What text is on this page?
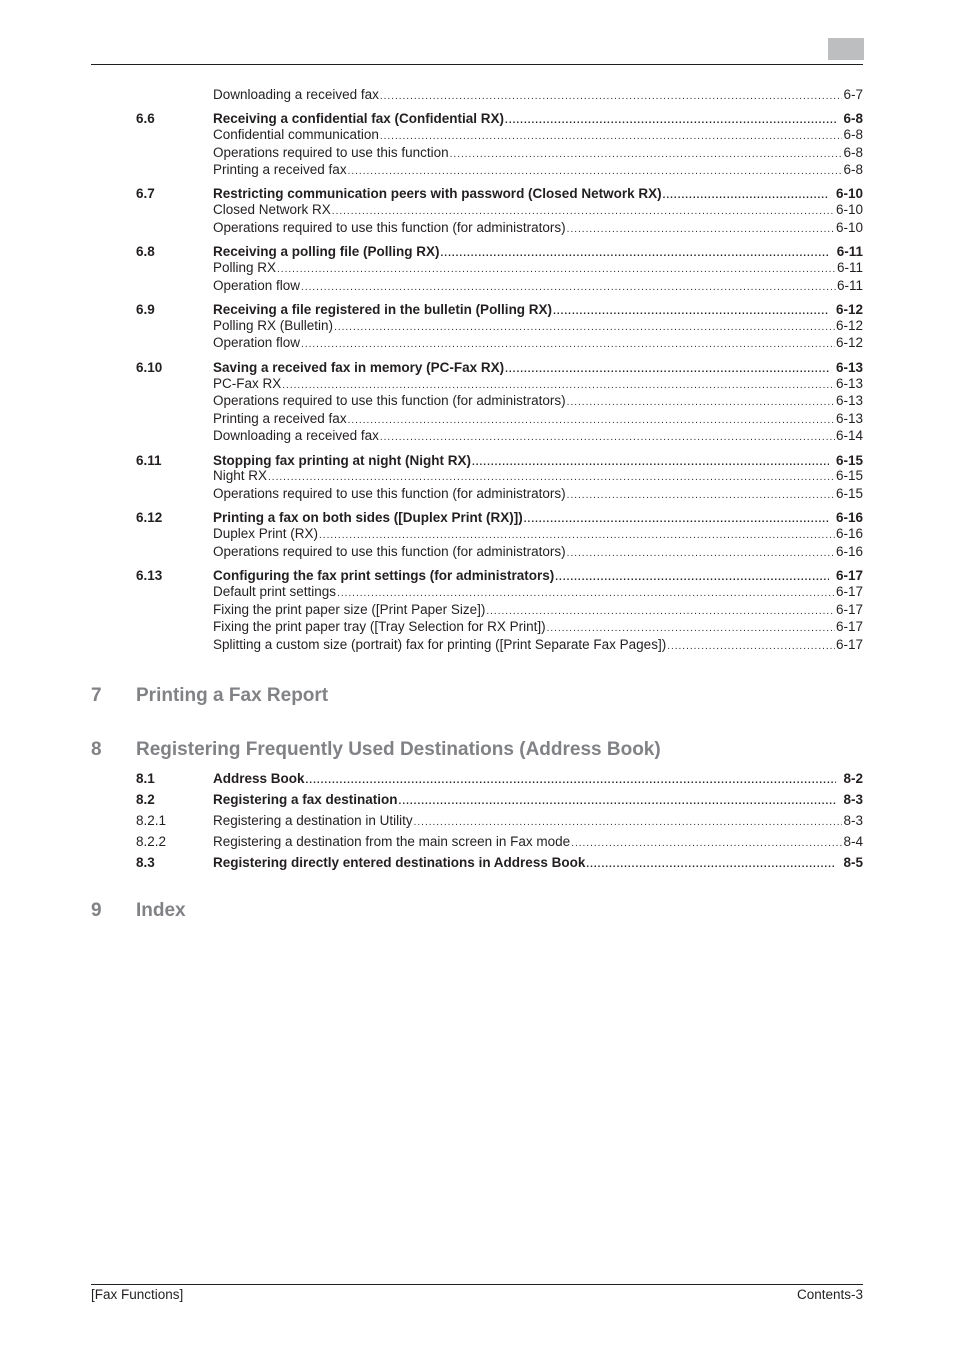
Downloading a received fax .....	6-7
6.6	Receiving a confidential fax (Confidential RX) .....	6-8
Confidential communication .....	6-8
Operations required to use this function .....	6-8
Printing a received fax .....	6-8
6.7	Restricting communication peers with password (Closed Network RX) .....	6-10
Closed Network RX .....	6-10
Operations required to use this function (for administrators) .....	6-10
6.8	Receiving a polling file (Polling RX) .....	6-11
Polling RX .....	6-11
Operation flow .....	6-11
6.9	Receiving a file registered in the bulletin (Polling RX) .....	6-12
Polling RX (Bulletin) .....	6-12
Operation flow .....	6-12
6.10	Saving a received fax in memory (PC-Fax RX) .....	6-13
PC-Fax RX .....	6-13
Operations required to use this function (for administrators) .....	6-13
Printing a received fax .....	6-13
Downloading a received fax .....	6-14
6.11	Stopping fax printing at night (Night RX) .....	6-15
Night RX .....	6-15
Operations required to use this function (for administrators) .....	6-15
6.12	Printing a fax on both sides ([Duplex Print (RX)]) .....	6-16
Duplex Print (RX) .....	6-16
Operations required to use this function (for administrators) .....	6-16
6.13	Configuring the fax print settings (for administrators) .....	6-17
Default print settings .....	6-17
Fixing the print paper size ([Print Paper Size]) .....	6-17
Fixing the print paper tray ([Tray Selection for RX Print]) .....	6-17
Splitting a custom size (portrait) fax for printing ([Print Separate Fax Pages]) .....	6-17
7 Printing a Fax Report
8 Registering Frequently Used Destinations (Address Book)
8.1	Address Book .....	8-2
8.2	Registering a fax destination .....	8-3
8.2.1	Registering a destination in Utility .....	8-3
8.2.2	Registering a destination from the main screen in Fax mode .....	8-4
8.3	Registering directly entered destinations in Address Book .....	8-5
9 Index
[Fax Functions]	Contents-3
